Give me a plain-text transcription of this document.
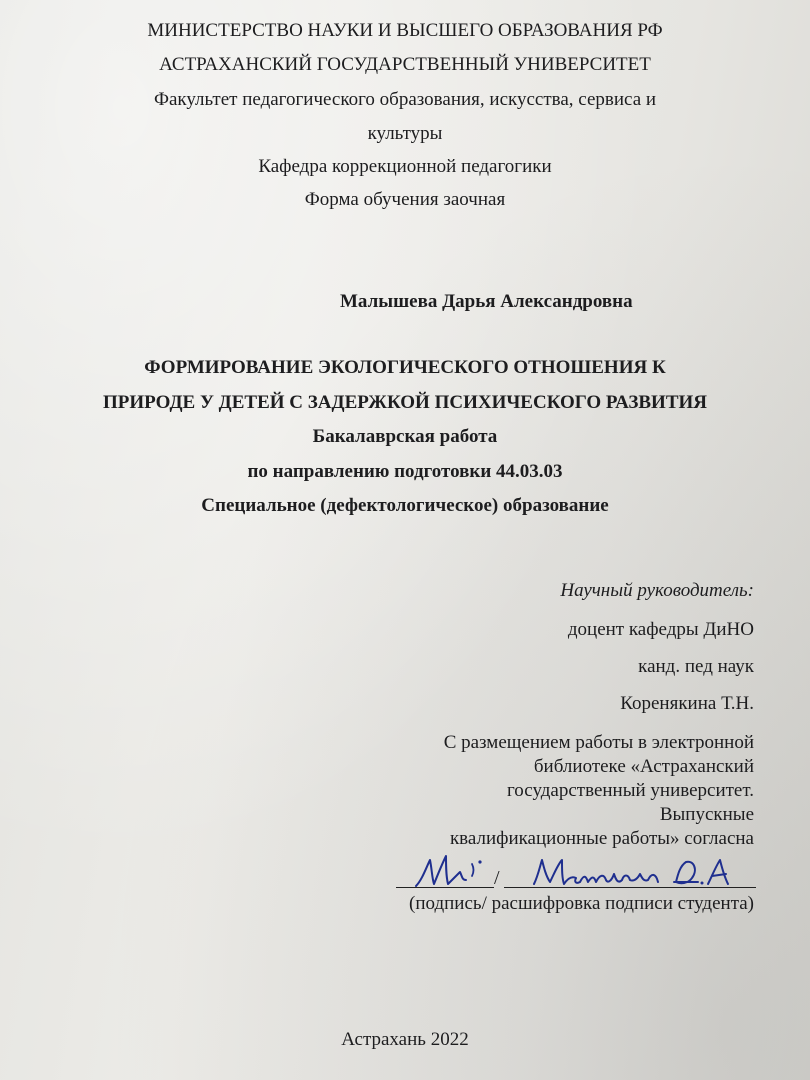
МИНИСТЕРСТВО НАУКИ И ВЫСШЕГО ОБРАЗОВАНИЯ РФ
АСТРАХАНСКИЙ ГОСУДАРСТВЕННЫЙ УНИВЕРСИТЕТ
Факультет педагогического образования, искусства, сервиса и
культуры
Кафедра коррекционной педагогики
Форма обучения заочная
Малышева Дарья Александровна
ФОРМИРОВАНИЕ ЭКОЛОГИЧЕСКОГО ОТНОШЕНИЯ К
ПРИРОДЕ У ДЕТЕЙ С ЗАДЕРЖКОЙ ПСИХИЧЕСКОГО РАЗВИТИЯ
Бакалаврская работа
по направлению подготовки 44.03.03
Специальное (дефектологическое) образование
Научный руководитель:
доцент кафедры ДиНО
канд. пед наук
Коренякина Т.Н.
С размещением работы в электронной
библиотеке «Астраханский
государственный университет.
Выпускные
квалификационные работы» согласна
/
(подпись/ расшифровка подписи студента)
Астрахань 2022
